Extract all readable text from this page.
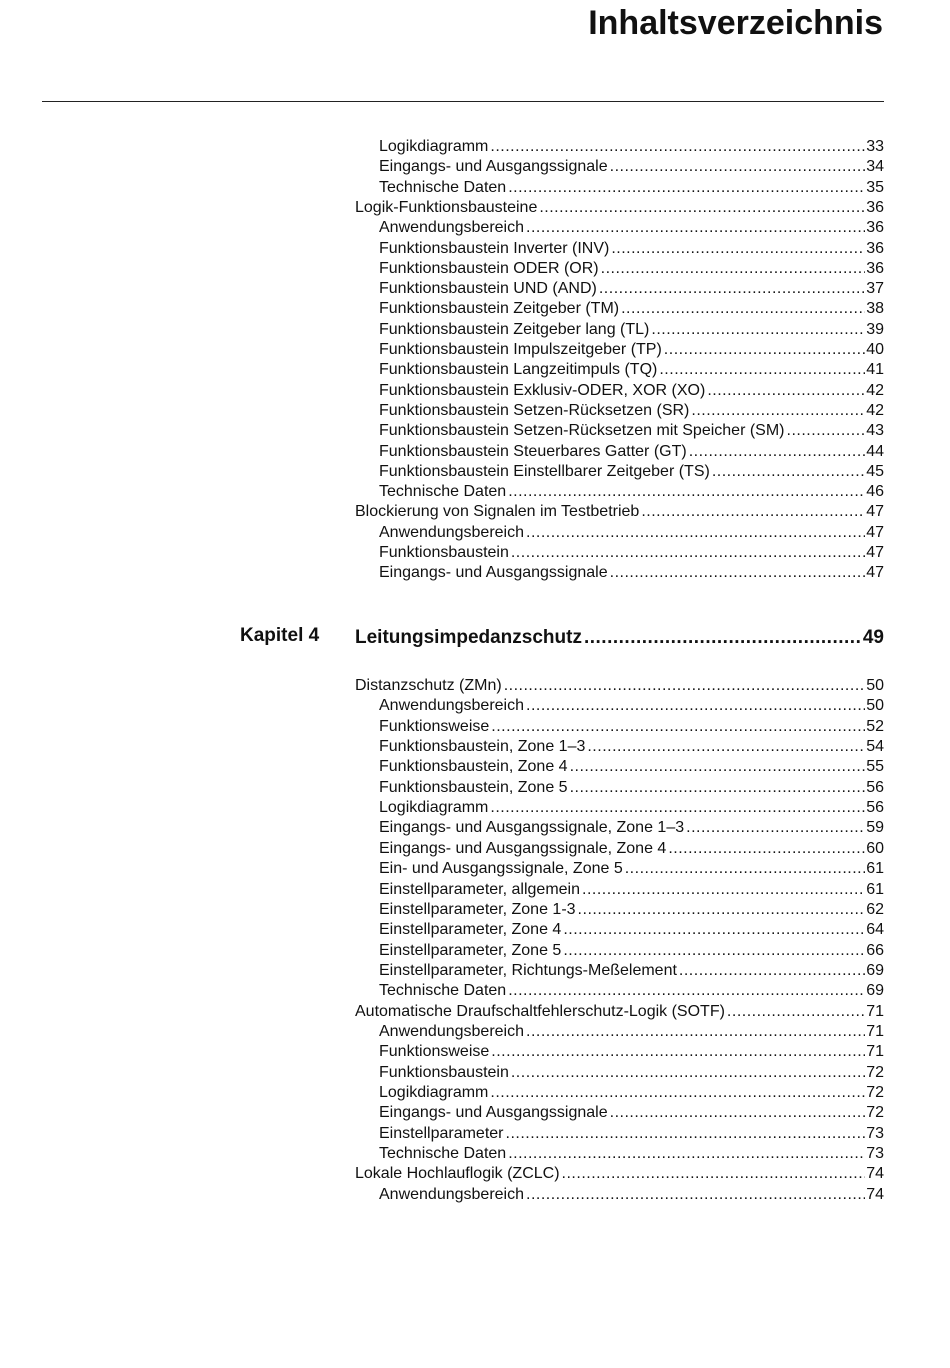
Inhaltsverzeichnis
Logikdiagramm .....	33
Eingangs- und Ausgangssignale .....	34
Technische Daten .....	35
Logik-Funktionsbausteine .....	36
Anwendungsbereich .....	36
Funktionsbaustein Inverter (INV) .....	36
Funktionsbaustein ODER (OR) .....	36
Funktionsbaustein UND (AND) .....	37
Funktionsbaustein Zeitgeber (TM) .....	38
Funktionsbaustein Zeitgeber lang (TL) .....	39
Funktionsbaustein Impulszeitgeber (TP) .....	40
Funktionsbaustein Langzeitimpuls (TQ) .....	41
Funktionsbaustein Exklusiv-ODER, XOR (XO) .....	42
Funktionsbaustein Setzen-Rücksetzen (SR) .....	42
Funktionsbaustein Setzen-Rücksetzen mit Speicher (SM) .....	43
Funktionsbaustein Steuerbares Gatter (GT) .....	44
Funktionsbaustein Einstellbarer Zeitgeber (TS) .....	45
Technische Daten .....	46
Blockierung von Signalen im Testbetrieb .....	47
Anwendungsbereich .....	47
Funktionsbaustein .....	47
Eingangs- und Ausgangssignale .....	47
Kapitel 4 Leitungsimpedanzschutz .....	49
Distanzschutz (ZMn) .....	50
Anwendungsbereich .....	50
Funktionsweise .....	52
Funktionsbaustein, Zone 1–3 .....	54
Funktionsbaustein, Zone 4 .....	55
Funktionsbaustein, Zone 5 .....	56
Logikdiagramm .....	56
Eingangs- und Ausgangssignale, Zone 1–3 .....	59
Eingangs- und Ausgangssignale, Zone 4 .....	60
Ein- und Ausgangssignale, Zone 5 .....	61
Einstellparameter, allgemein .....	61
Einstellparameter, Zone 1-3 .....	62
Einstellparameter, Zone 4 .....	64
Einstellparameter, Zone 5 .....	66
Einstellparameter, Richtungs-Meßelement .....	69
Technische Daten .....	69
Automatische Draufschaltfehlerschutz-Logik (SOTF) .....	71
Anwendungsbereich .....	71
Funktionsweise .....	71
Funktionsbaustein .....	72
Logikdiagramm .....	72
Eingangs- und Ausgangssignale .....	72
Einstellparameter .....	73
Technische Daten .....	73
Lokale Hochlauflogik (ZCLC) .....	74
Anwendungsbereich .....	74
